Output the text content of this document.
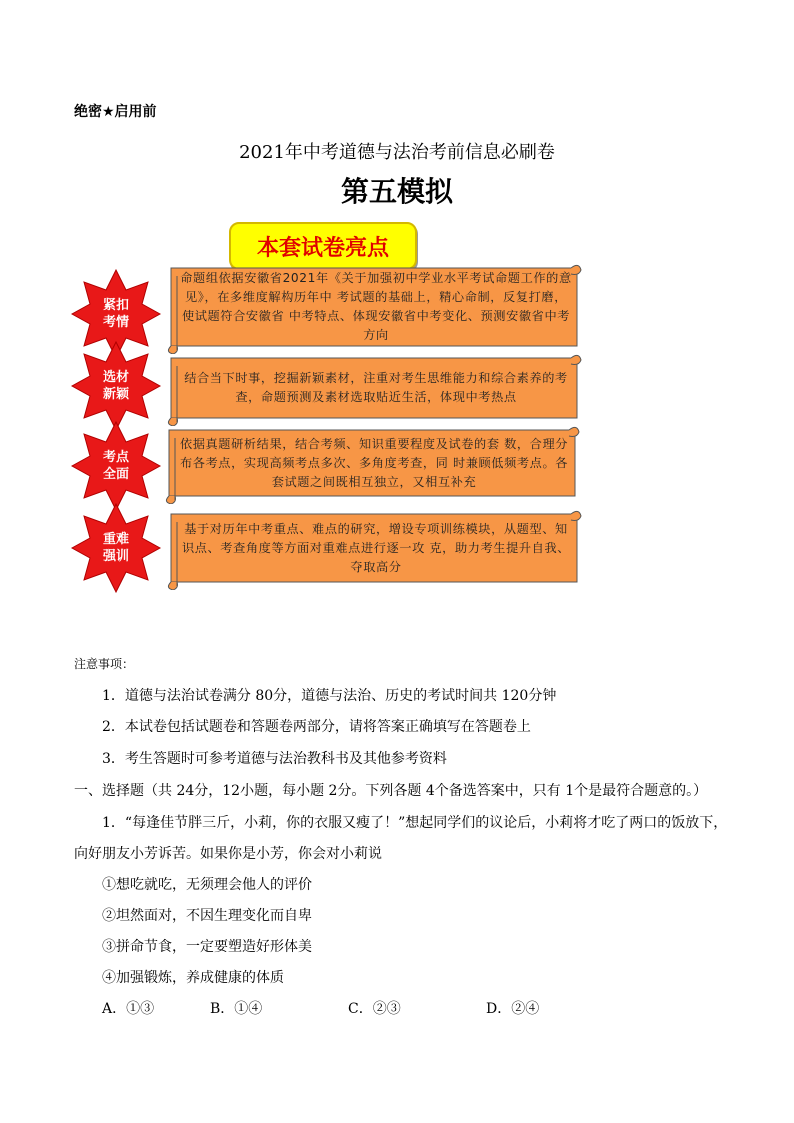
绝密★启用前
2021年中考道德与法治考前信息必刷卷
第五模拟
本套试卷亮点
紧扣
考情
命题组依据安徽省2021年《关于加强初中学业水平考试命题工作的意见》，在多维度解构历年中 考试题的基础上，精心命制，反复打磨，使试题符合安徽省 中考特点、体现安徽省中考变化、预测安徽省中考方向
选材
新颖
结合当下时事，挖掘新颖素材，注重对考生思维能力和综合素养的考查，命题预测及素材选取贴近生活，体现中考热点
考点
全面
依据真题研析结果，结合考频、知识重要程度及试卷的套 数，合理分布各考点，实现高频考点多次、多角度考查，同 时兼顾低频考点。各套试题之间既相互独立，又相互补充
重难
强训
基于对历年中考重点、难点的研究，增设专项训练模块，从题型、知识点、考查角度等方面对重难点进行逐一攻 克，助力考生提升自我、夺取高分
注意事项：
1．道德与法治试卷满分 80分，道德与法治、历史的考试时间共 120分钟
2．本试卷包括试题卷和答题卷两部分，请将答案正确填写在答题卷上
3．考生答题时可参考道德与法治教科书及其他参考资料
一、选择题（共 24分，12小题，每小题 2分。下列各题 4个备选答案中，只有 1个是最符合题意的。）
1．“每逢佳节胖三斤，小莉，你的衣服又瘦了！”想起同学们的议论后，小莉将才吃了两口的饭放下，
向好朋友小芳诉苦。如果你是小芳，你会对小莉说
①想吃就吃，无须理会他人的评价
②坦然面对，不因生理变化而自卑
③拼命节食，一定要塑造好形体美
④加强锻炼，养成健康的体质
A．①③	B．①④	C．②③	D．②④
